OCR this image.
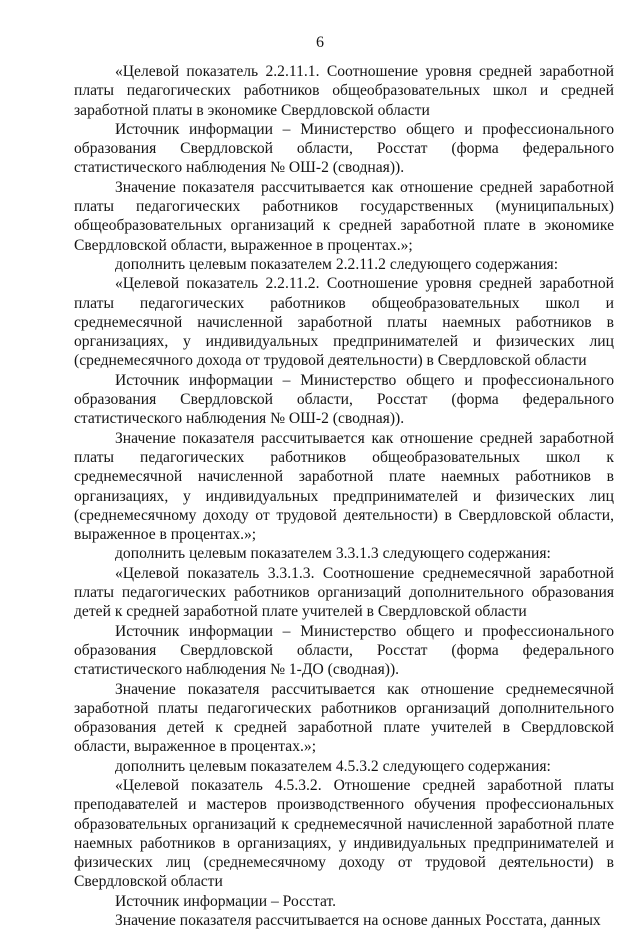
6

«Целевой показатель 2.2.11.1. Соотношение уровня средней заработной платы педагогических работников общеобразовательных школ и средней заработной платы в экономике Свердловской области

Источник информации – Министерство общего и профессионального образования Свердловской области, Росстат (форма федерального статистического наблюдения № ОШ-2 (сводная)).

Значение показателя рассчитывается как отношение средней заработной платы педагогических работников государственных (муниципальных) общеобразовательных организаций к средней заработной плате в экономике Свердловской области, выраженное в процентах.»;

дополнить целевым показателем 2.2.11.2 следующего содержания:

«Целевой показатель 2.2.11.2. Соотношение уровня средней заработной платы педагогических работников общеобразовательных школ и среднемесячной начисленной заработной платы наемных работников в организациях, у индивидуальных предпринимателей и физических лиц (среднемесячного дохода от трудовой деятельности) в Свердловской области

Источник информации – Министерство общего и профессионального образования Свердловской области, Росстат (форма федерального статистического наблюдения № ОШ-2 (сводная)).

Значение показателя рассчитывается как отношение средней заработной платы педагогических работников общеобразовательных школ к среднемесячной начисленной заработной плате наемных работников в организациях, у индивидуальных предпринимателей и физических лиц (среднемесячному доходу от трудовой деятельности) в Свердловской области, выраженное в процентах.»;

дополнить целевым показателем 3.3.1.3 следующего содержания:

«Целевой показатель 3.3.1.3. Соотношение среднемесячной заработной платы педагогических работников организаций дополнительного образования детей к средней заработной плате учителей в Свердловской области

Источник информации – Министерство общего и профессионального образования Свердловской области, Росстат (форма федерального статистического наблюдения № 1-ДО (сводная)).

Значение показателя рассчитывается как отношение среднемесячной заработной платы педагогических работников организаций дополнительного образования детей к средней заработной плате учителей в Свердловской области, выраженное в процентах.»;

дополнить целевым показателем 4.5.3.2 следующего содержания:

«Целевой показатель 4.5.3.2. Отношение средней заработной платы преподавателей и мастеров производственного обучения профессиональных образовательных организаций к среднемесячной начисленной заработной плате наемных работников в организациях, у индивидуальных предпринимателей и физических лиц (среднемесячному доходу от трудовой деятельности) в Свердловской области

Источник информации – Росстат.

Значение показателя рассчитывается на основе данных Росстата, данных
